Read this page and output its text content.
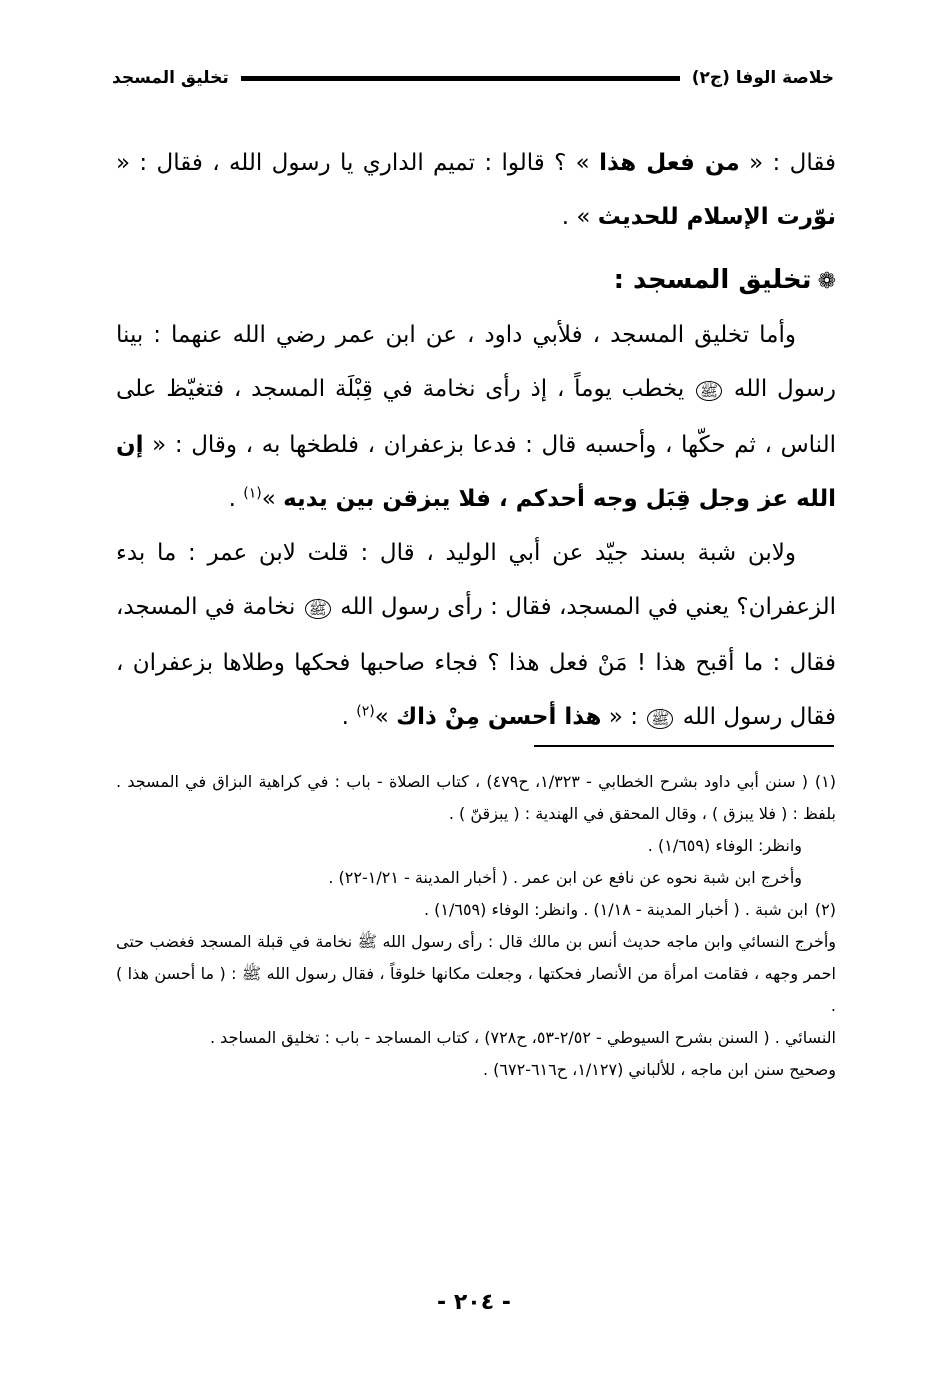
خلاصة الوفا (ج٢)
تخليق المسجد

فقال : « من فعل هذا » ؟ قالوا : تميم الداري يا رسول الله ، فقال : « نوّرت الإسلام للحديث » .

❁تخليق المسجد :

وأما تخليق المسجد ، فلأبي داود ، عن ابن عمر رضي الله عنهما : بينا رسول الله ﷺ يخطب يوماً ، إذ رأى نخامة في قِبْلَة المسجد ، فتغيّظ على الناس ، ثم حكّها ، وأحسبه قال : فدعا بزعفران ، فلطخها به ، وقال : « إن الله عز وجل قِبَل وجه أحدكم ، فلا يبزقن بين يديه »$^{(١)}$ .

ولابن شبة بسند جيّد عن أبي الوليد ، قال : قلت لابن عمر : ما بدء الزعفران؟ يعني في المسجد، فقال : رأى رسول الله ﷺ نخامة في المسجد، فقال : ما أقبح هذا ! مَنْ فعل هذا ؟ فجاء صاحبها فحكها وطلاها بزعفران ، فقال رسول الله ﷺ : « هذا أحسن مِنْ ذاك »$^{(٢)}$ .

(١)( سنن أبي داود بشرح الخطابي - ١/٣٢٣، ح٤٧٩) ، كتاب الصلاة - باب : في كراهية البزاق في المسجد . بلفظ : ( فلا يبزق ) ، وقال المحقق في الهندية : ( يبزقنّ ) .

وانظر: الوفاء (١/٦٥٩) .

وأخرج ابن شبة نحوه عن نافع عن ابن عمر . ( أخبار المدينة - ١/٢١-٢٢) .

(٢)ابن شبة . ( أخبار المدينة - ١/١٨) . وانظر: الوفاء (١/٦٥٩) .

وأخرج النسائي وابن ماجه حديث أنس بن مالك قال : رأى رسول الله ﷺ نخامة في قبلة المسجد فغضب حتى احمر وجهه ، فقامت امرأة من الأنصار فحكتها ، وجعلت مكانها خلوقاً ، فقال رسول الله ﷺ : ( ما أحسن هذا ) .

النسائي . ( السنن بشرح السيوطي - ٢/٥٢-٥٣، ح٧٢٨) ، كتاب المساجد - باب : تخليق المساجد .

وصحيح سنن ابن ماجه ، للألباني (١/١٢٧، ح٦١٦-٦٧٢) .

- ٢٠٤ -
